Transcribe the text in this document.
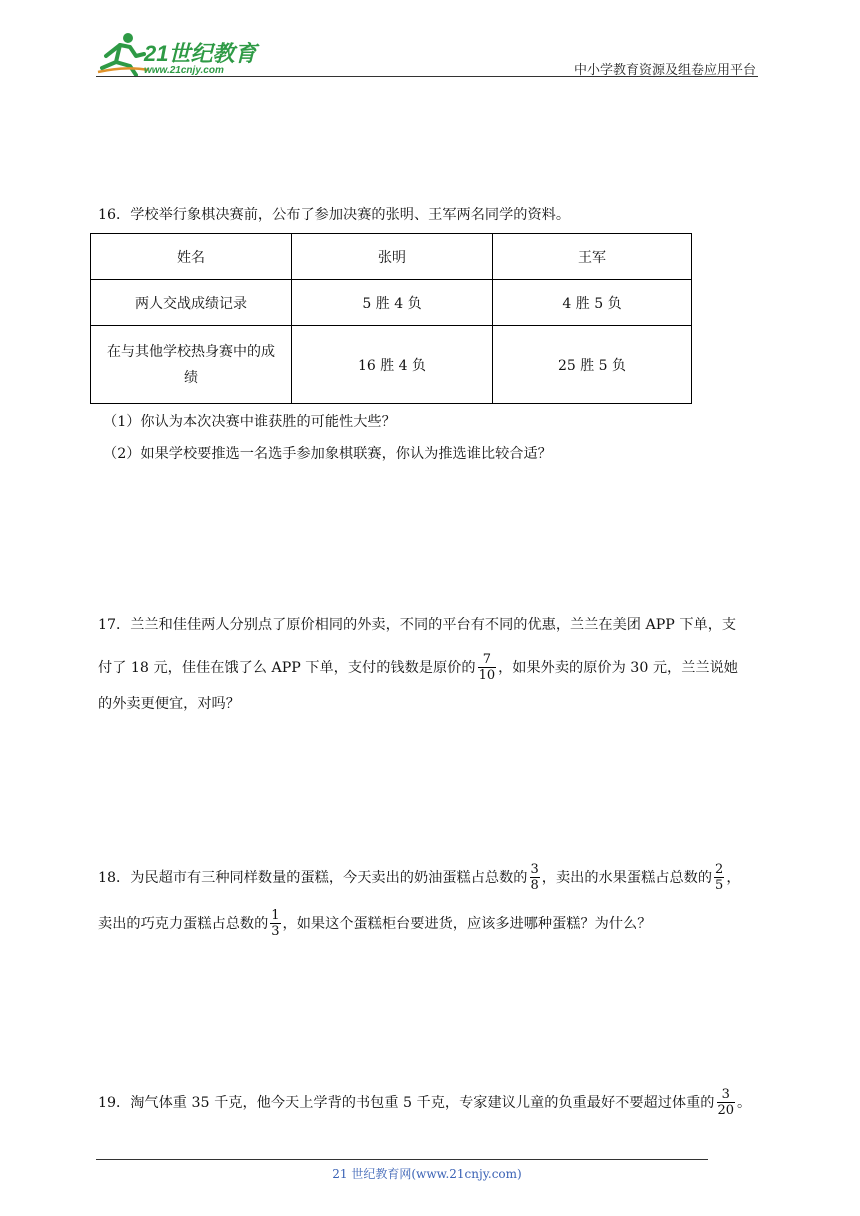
21世纪教育
www.21cnjy.com	中小学教育资源及组卷应用平台
16．学校举行象棋决赛前，公布了参加决赛的张明、王军两名同学的资料。
姓名	张明	王军
两人交战成绩记录	5 胜 4 负	4 胜 5 负
在与其他学校热身赛中的成
绩	16 胜 4 负	25 胜 5 负
（1）你认为本次决赛中谁获胜的可能性大些？
（2）如果学校要推选一名选手参加象棋联赛，你认为推选谁比较合适？
17．兰兰和佳佳两人分别点了原价相同的外卖，不同的平台有不同的优惠，兰兰在美团 APP 下单，支
付了 18 元，佳佳在饿了么 APP 下单，支付的钱数是原价的 $\frac{7}{10}$ ，如果外卖的原价为 30 元，兰兰说她
的外卖更便宜，对吗？
18．为民超市有三种同样数量的蛋糕，今天卖出的奶油蛋糕占总数的 $\frac{3}{8}$ ，卖出的水果蛋糕占总数的 $\frac{2}{5}$ ，
卖出的巧克力蛋糕占总数的 $\frac{1}{3}$ ，如果这个蛋糕柜台要进货，应该多进哪种蛋糕？为什么？
19．淘气体重 35 千克，他今天上学背的书包重 5 千克，专家建议儿童的负重最好不要超过体重的 $\frac{3}{20}$ 。
21 世纪教育网(www.21cnjy.com)
